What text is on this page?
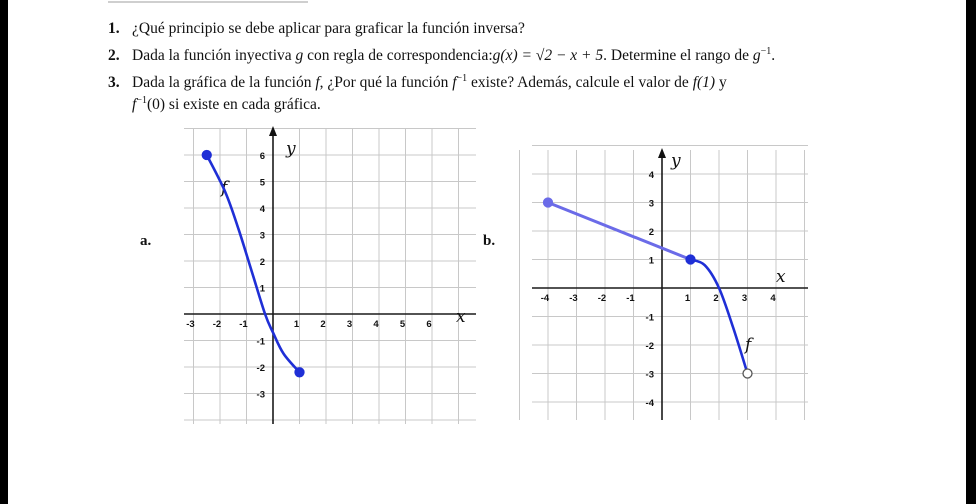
1. ¿Qué principio se debe aplicar para graficar la función inversa?
2. Dada la función inyectiva g con regla de correspondencia:g(x) = √2 − x + 5. Determine el rango de $g^{-1}$.
3. Dada la gráfica de la función f, ¿Por qué la función $f^{-1}$ existe? Además, calcule el valor de f(1) y
$f^{-1}(0)$ si existe en cada gráfica.
a.	b.
-3 -2 -1	1 2 3 4 5 6
6
5
4
3
2
1
-1
-2
-3
x
y
f
-4 -3 -2 -1	1 2 3 4
4
3
2
1
-1
-2
-3
-4
x
y
f
